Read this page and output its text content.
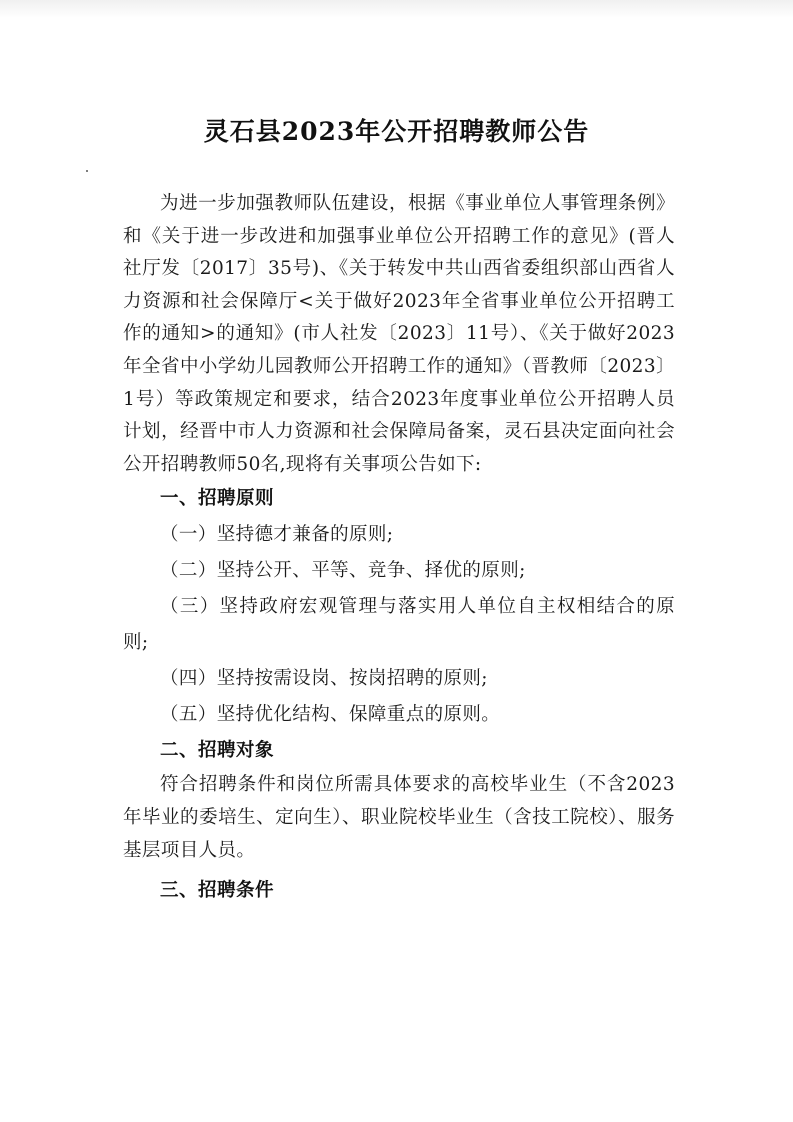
灵石县2023年公开招聘教师公告

为进一步加强教师队伍建设，根据《事业单位人事管理条例》和《关于进一步改进和加强事业单位公开招聘工作的意见》(晋人社厅发〔2017〕35号)、《关于转发中共山西省委组织部山西省人力资源和社会保障厅<关于做好2023年全省事业单位公开招聘工作的通知>的通知》(市人社发〔2023〕11号）、《关于做好2023年全省中小学幼儿园教师公开招聘工作的通知》（晋教师〔2023〕1号）等政策规定和要求，结合2023年度事业单位公开招聘人员计划，经晋中市人力资源和社会保障局备案，灵石县决定面向社会公开招聘教师50名,现将有关事项公告如下:

一、招聘原则

（一）坚持德才兼备的原则;

（二）坚持公开、平等、竞争、择优的原则;

（三）坚持政府宏观管理与落实用人单位自主权相结合的原则;

（四）坚持按需设岗、按岗招聘的原则;

（五）坚持优化结构、保障重点的原则。

二、招聘对象

符合招聘条件和岗位所需具体要求的高校毕业生（不含2023年毕业的委培生、定向生）、职业院校毕业生（含技工院校）、服务基层项目人员。

三、招聘条件
